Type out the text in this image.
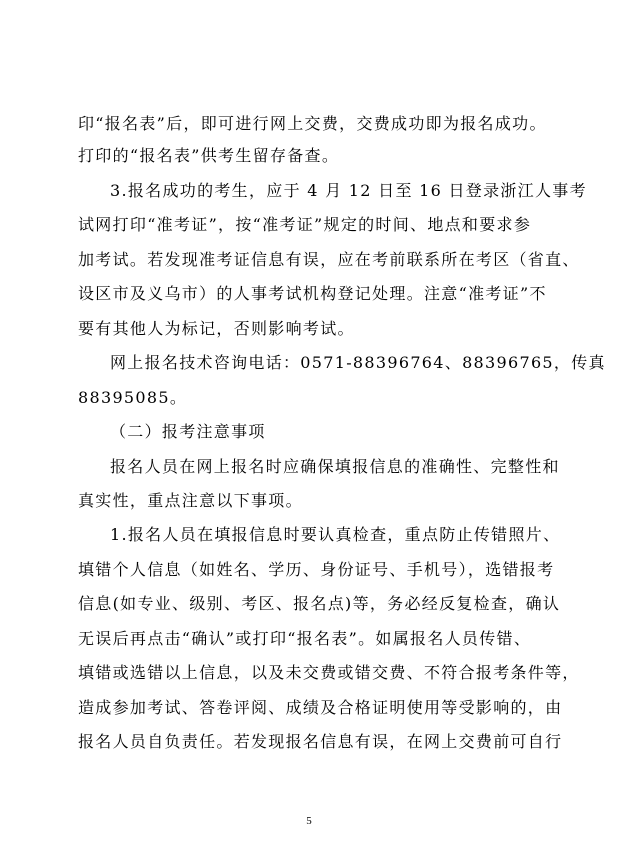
印“报名表”后，即可进行网上交费，交费成功即为报名成功。
打印的“报名表”供考生留存备查。
3.报名成功的考生，应于 4 月 12 日至 16 日登录浙江人事考
试网打印“准考证”，按“准考证”规定的时间、地点和要求参
加考试。若发现准考证信息有误，应在考前联系所在考区（省直、
设区市及义乌市）的人事考试机构登记处理。注意“准考证”不
要有其他人为标记，否则影响考试。
网上报名技术咨询电话：0571-88396764、88396765，传真
88395085。
（二）报考注意事项
报名人员在网上报名时应确保填报信息的准确性、完整性和
真实性，重点注意以下事项。
1.报名人员在填报信息时要认真检查，重点防止传错照片、
填错个人信息（如姓名、学历、身份证号、手机号），选错报考
信息(如专业、级别、考区、报名点)等，务必经反复检查，确认
无误后再点击“确认”或打印“报名表”。如属报名人员传错、
填错或选错以上信息，以及未交费或错交费、不符合报考条件等，
造成参加考试、答卷评阅、成绩及合格证明使用等受影响的，由
报名人员自负责任。若发现报名信息有误，在网上交费前可自行
5
